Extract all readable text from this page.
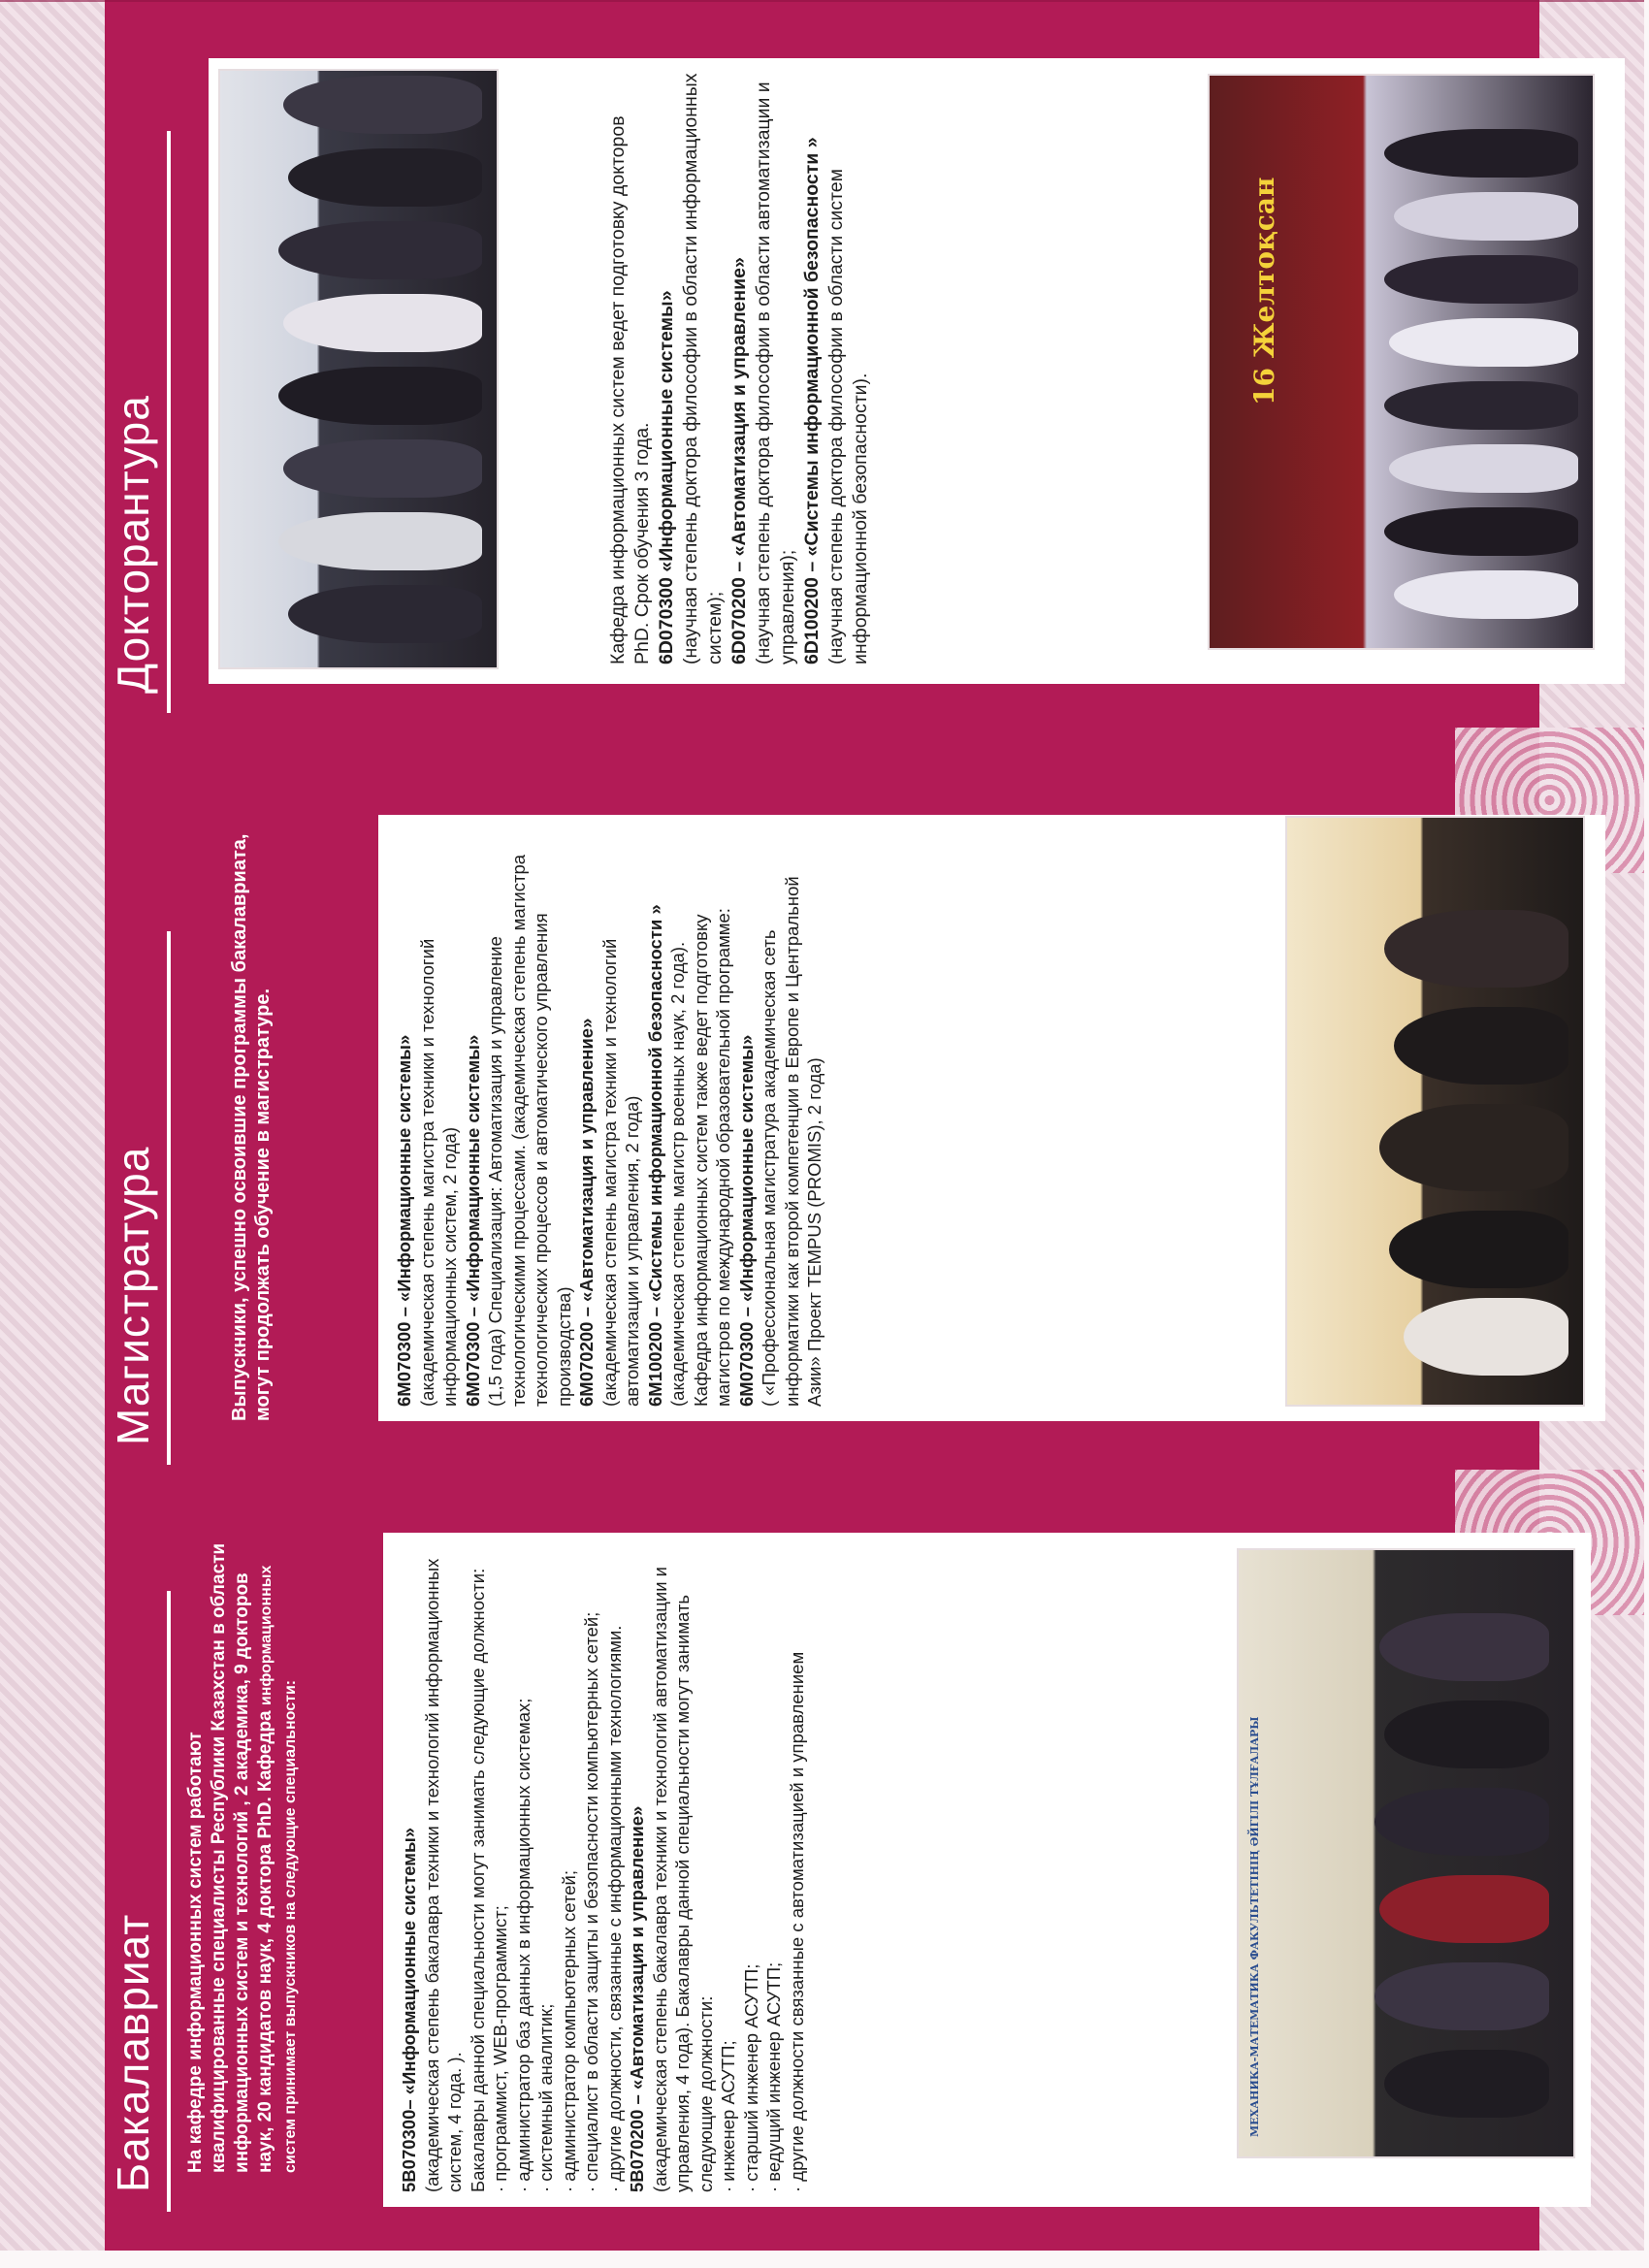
Бакалавриат На кафедре информационных систем работают квалифицированные специалисты Республики Казахстан в области информационных систем и технологий , 2 академика, 9 докторов наук, 20 кандидатов наук, 4 доктора PhD. Кафедра информационных систем принимает выпускников на следующие специальности:	5В070300– «Информационные системы» (академическая степень бакалавра техники и технологий информационных систем, 4 года. ). Бакалавры данной специальности могут занимать следующие должности: · программист, WEB-программист; · администратор баз данных в информационных системах; · системный аналитик; · администратор компьютерных сетей; · специалист в области защиты и безопасности компьютерных сетей; · другие должности, связанные с информационными технологиями. 5В070200 – «Автоматизация и управление» (академическая степень бакалавра техники и технологий автоматизации и управления, 4 года). Бакалавры данной специальности могут занимать следующие должности: · инженер АСУТП; · старший инженер АСУТП; · ведущий инженер АСУТП; · другие должности связанные с автоматизацией и управлением	МЕХАНИКА-МАТЕМАТИКА ФАКУЛЬТЕТІНІҢ ӘЙГІЛІ ТҰЛҒАЛАРЫ
Магистратура	Выпускники, успешно освоившие программы бакалавриата, могут продолжать обучение в магистратуре.	6М070300 – «Информационные системы» (академическая степень магистра техники и технологий информационных систем, 2 года) 6М070300 – «Информационные системы» (1,5 года) Специализация: Автоматизация и управление технологическими процессами. (академическая степень магистра технологических процессов и автоматического управления производства) 6М070200 – «Автоматизация и управление» (академическая степень магистра техники и технологий автоматизации и управления, 2 года) 6М100200 – «Системы информационной безопасности » (академическая степень магистр военных наук, 2 года). Кафедра информационных систем также ведет подготовку магистров по международной образовательной программе: 6М070300 – «Информационные системы» ( «Профессиональная магистратура академическая сеть информатики как второй компетенции в Европе и Центральной Азии» Проект TEMPUS (PROMIS), 2 года)

Докторантура	Кафедра информационных систем ведет подготовку докторов PhD. Срок обучения 3 года. 6D070300 «Информационные системы» (научная степень доктора философии в области информационных систем); 6D070200 – «Автоматизация и управление» (научная степень доктора философии в области автоматизации и управления); 6D100200 – «Системы информационной безопасности » (научная степень доктора философии в области систем информационной безопасности).

16 Желтоқсан
